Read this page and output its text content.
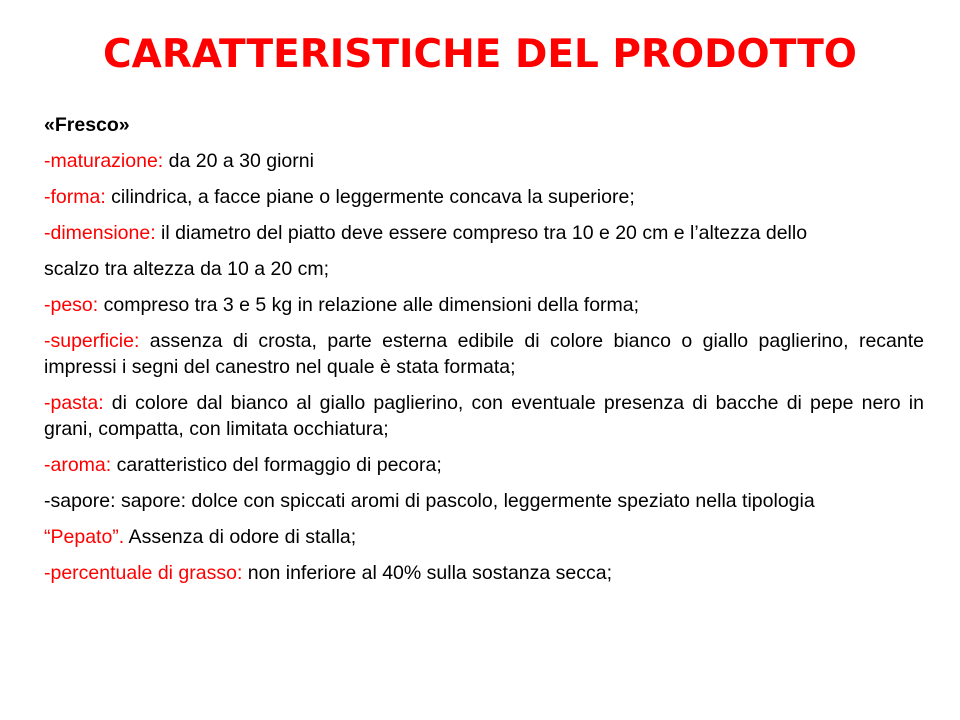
CARATTERISTICHE DEL PRODOTTO

«Fresco»

-maturazione: da 20 a 30 giorni

-forma: cilindrica, a facce piane o leggermente concava la superiore;

-dimensione: il diametro del piatto deve essere compreso tra 10 e 20 cm e l’altezza dello

scalzo tra altezza da 10 a 20 cm;

-peso: compreso tra 3 e 5 kg in relazione alle dimensioni della forma;

-superficie: assenza di crosta, parte esterna edibile di colore bianco o giallo paglierino, recante impressi i segni del canestro nel quale è stata formata;

-pasta: di colore dal bianco al giallo paglierino, con eventuale presenza di bacche di pepe nero in grani, compatta, con limitata occhiatura;

-aroma: caratteristico del formaggio di pecora;

-sapore: sapore: dolce con spiccati aromi di pascolo, leggermente speziato nella tipologia

“Pepato”. Assenza di odore di stalla;

-percentuale di grasso: non inferiore al 40% sulla sostanza secca;
